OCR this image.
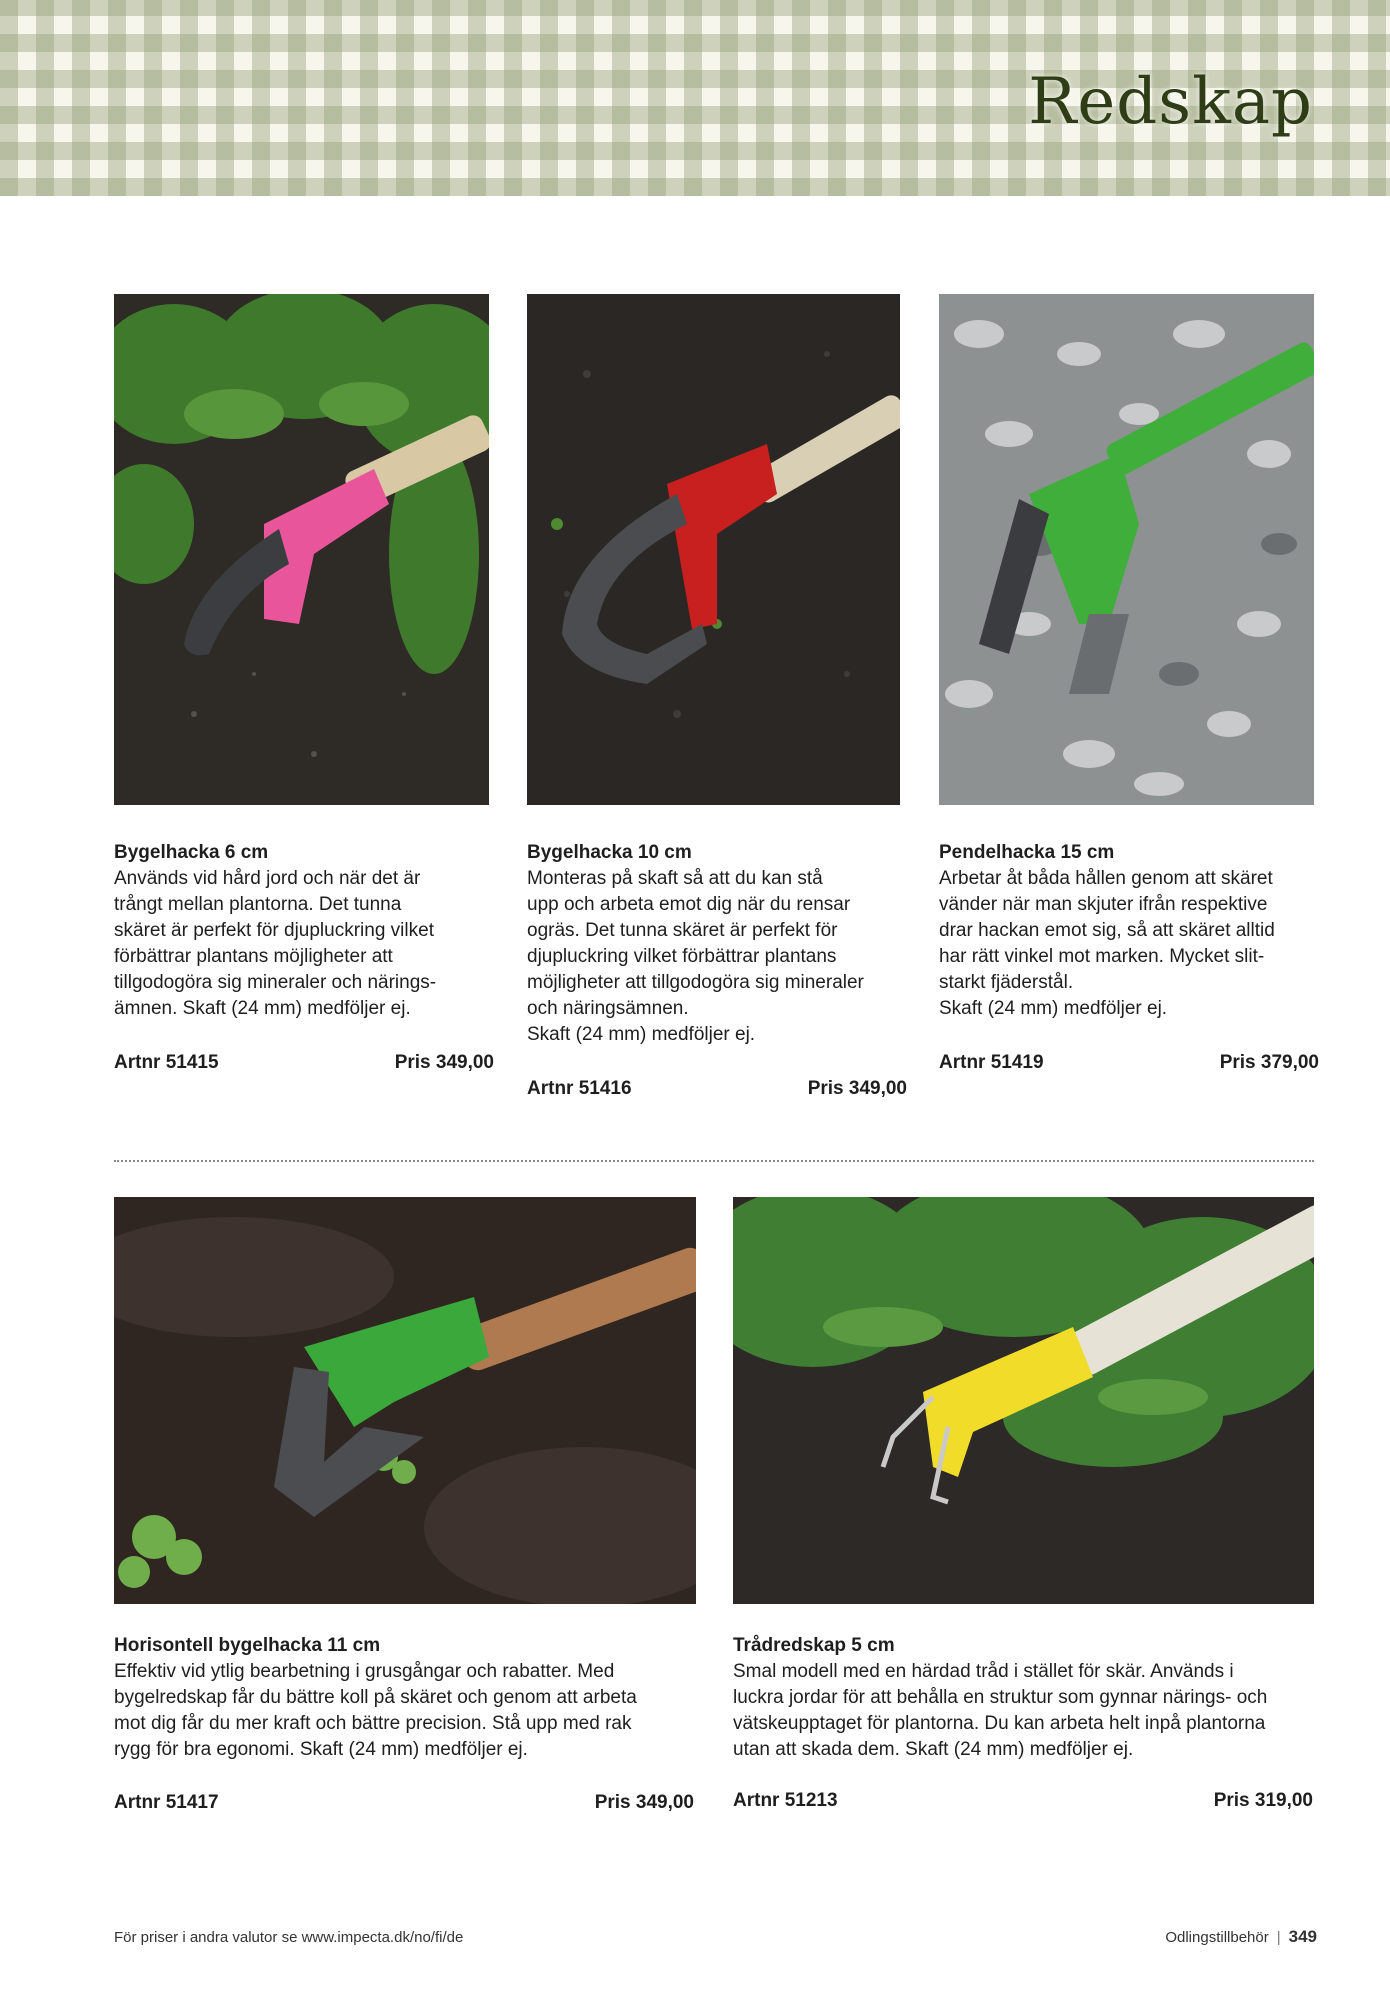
Redskap

Bygelhacka 6 cm

Används vid hård jord och när det är
trångt mellan plantorna. Det tunna
skäret är perfekt för djupluckring vilket
förbättrar plantans möjligheter att
tillgodogöra sig mineraler och närings-
ämnen. Skaft (24 mm) medföljer ej.

Artnr 51415	Pris 349,00

Bygelhacka 10 cm

Monteras på skaft så att du kan stå
upp och arbeta emot dig när du rensar
ogräs. Det tunna skäret är perfekt för
djupluckring vilket förbättrar plantans
möjligheter att tillgodogöra sig mineraler
och näringsämnen.
Skaft (24 mm) medföljer ej.

Artnr 51416	Pris 349,00

Pendelhacka 15 cm

Arbetar åt båda hållen genom att skäret
vänder när man skjuter ifrån respektive
drar hackan emot sig, så att skäret alltid
har rätt vinkel mot marken. Mycket slit-
starkt fjäderstål.
Skaft (24 mm) medföljer ej.

Artnr 51419	Pris 379,00

Horisontell bygelhacka 11 cm

Effektiv vid ytlig bearbetning i grusgångar och rabatter. Med
bygelredskap får du bättre koll på skäret och genom att arbeta
mot dig får du mer kraft och bättre precision. Stå upp med rak
rygg för bra egonomi. Skaft (24 mm) medföljer ej.

Artnr 51417	Pris 349,00

Trådredskap 5 cm

Smal modell med en härdad tråd i stället för skär. Används i
luckra jordar för att behålla en struktur som gynnar närings- och
vätskeupptaget för plantorna. Du kan arbeta helt inpå plantorna
utan att skada dem. Skaft (24 mm) medföljer ej.

Artnr 51213	Pris 319,00
För priser i andra valutor se www.impecta.dk/no/fi/de	Odlingstillbehör | 349
